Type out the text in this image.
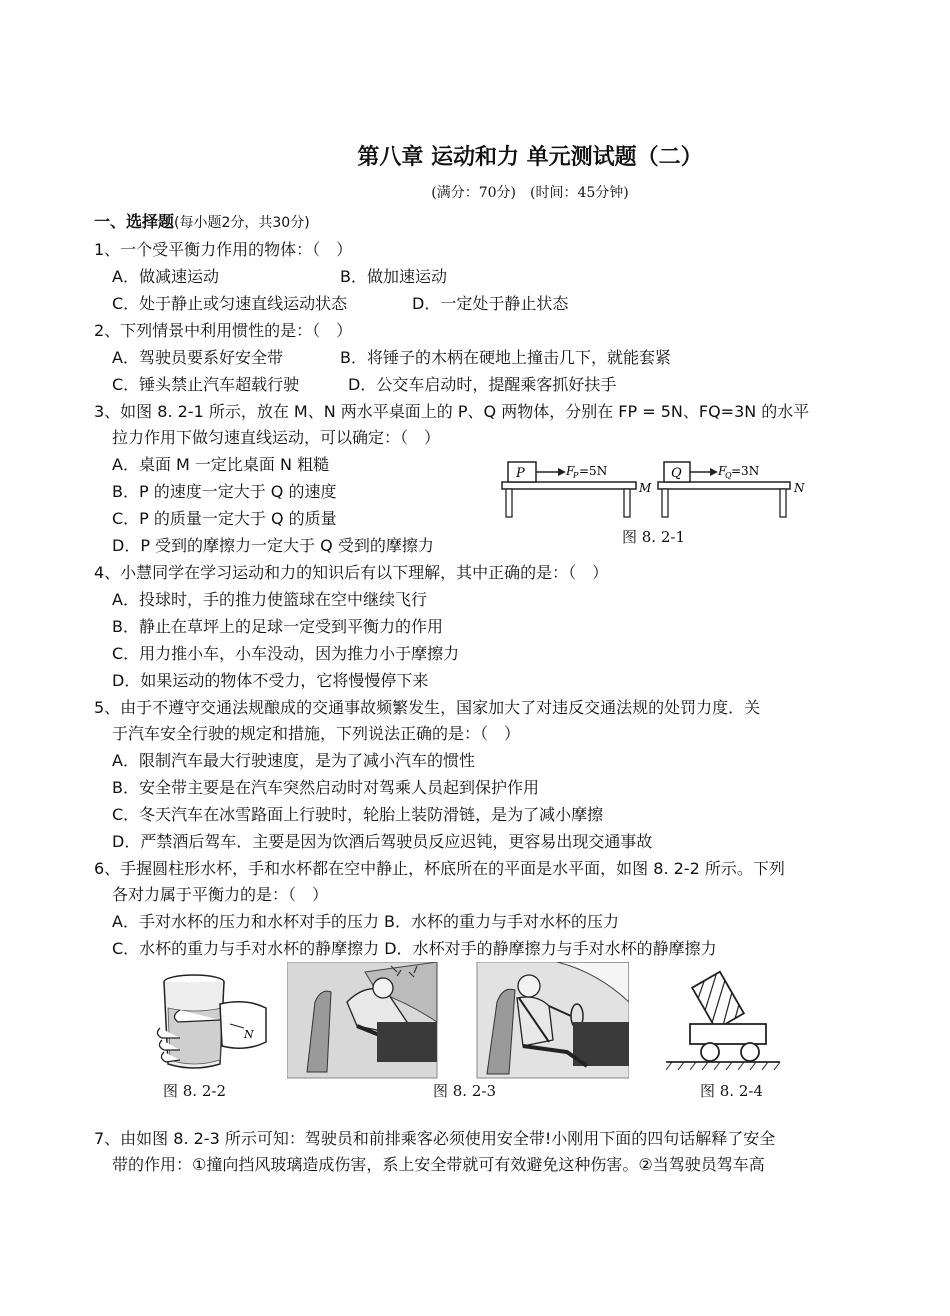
第八章 运动和力 单元测试题（二）
(满分：70分)　(时间：45分钟)
一、选择题(每小题2分，共30分)
1、一个受平衡力作用的物体：（　）
A．做减速运动	B．做加速运动
C．处于静止或匀速直线运动状态	D．一定处于静止状态
2、下列情景中利用惯性的是：（　）
A．驾驶员要系好安全带	B．将锤子的木柄在硬地上撞击几下，就能套紧
C．锤头禁止汽车超载行驶	D．公交车启动时，提醒乘客抓好扶手
3、如图 8. 2-1 所示，放在 M、N 两水平桌面上的 P、Q 两物体，分别在 FP = 5N、FQ=3N 的水平
拉力作用下做匀速直线运动，可以确定：（　）
A．桌面 M 一定比桌面 N 粗糙
B．P 的速度一定大于 Q 的速度
C．P 的质量一定大于 Q 的质量
D．P 受到的摩擦力一定大于 Q 受到的摩擦力
P	F
P =5N
M
Q	F
Q =3N
N
图 8. 2-1
4、小慧同学在学习运动和力的知识后有以下理解，其中正确的是：（　）
A．投球时，手的推力使篮球在空中继续飞行
B．静止在草坪上的足球一定受到平衡力的作用
C．用力推小车，小车没动，因为推力小于摩擦力
D．如果运动的物体不受力，它将慢慢停下来
5、由于不遵守交通法规酿成的交通事故频繁发生，国家加大了对违反交通法规的处罚力度．关
于汽车安全行驶的规定和措施，下列说法正确的是：（　）
A．限制汽车最大行驶速度，是为了减小汽车的惯性
B．安全带主要是在汽车突然启动时对驾乘人员起到保护作用
C．冬天汽车在冰雪路面上行驶时，轮胎上装防滑链，是为了减小摩擦
D．严禁酒后驾车．主要是因为饮酒后驾驶员反应迟钝，更容易出现交通事故
6、手握圆柱形水杯，手和水杯都在空中静止，杯底所在的平面是水平面，如图 8. 2-2 所示。下列
各对力属于平衡力的是：（　）
A．手对水杯的压力和水杯对手的压力 B．水杯的重力与手对水杯的压力
C．水杯的重力与手对水杯的静摩擦力 D．水杯对手的静摩擦力与手对水杯的静摩擦力
N
图 8. 2-2	图 8. 2-3	图 8. 2-4
7、由如图 8. 2-3 所示可知：驾驶员和前排乘客必须使用安全带!小刚用下面的四句话解释了安全
带的作用：①撞向挡风玻璃造成伤害，系上安全带就可有效避免这种伤害。②当驾驶员驾车高
